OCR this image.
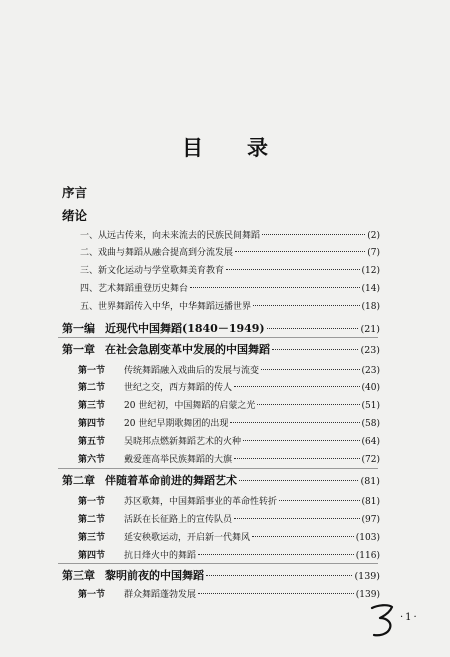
目录
序言
绪论
一、从远古传来，向未来流去的民族民间舞蹈	(2)
二、戏曲与舞蹈从融合提高到分流发展	(7)
三、新文化运动与学堂歌舞美育教育	(12)
四、艺术舞蹈重登历史舞台	(14)
五、世界舞蹈传入中华，中华舞蹈远播世界	(18)
第一编 近现代中国舞蹈(1840－1949)	(21)
第一章 在社会急剧变革中发展的中国舞蹈	(23)
第一节	传统舞蹈融入戏曲后的发展与流变	(23)
第二节	世纪之交，西方舞蹈的传人	(40)
第三节	20 世纪初，中国舞蹈的启蒙之光	(51)
第四节	20 世纪早期歌舞团的出现	(58)
第五节	吴晓邦点燃新舞蹈艺术的火种	(64)
第六节	戴爱莲高举民族舞蹈的大旗	(72)
第二章 伴随着革命前进的舞蹈艺术	(81)
第一节	苏区歌舞，中国舞蹈事业的革命性转折	(81)
第二节	活跃在长征路上的宣传队员	(97)
第三节	延安秧歌运动，开启新一代舞风	(103)
第四节	抗日烽火中的舞蹈	(116)
第三章 黎明前夜的中国舞蹈	(139)
第一节	群众舞蹈蓬勃发展	(139)
·1·
